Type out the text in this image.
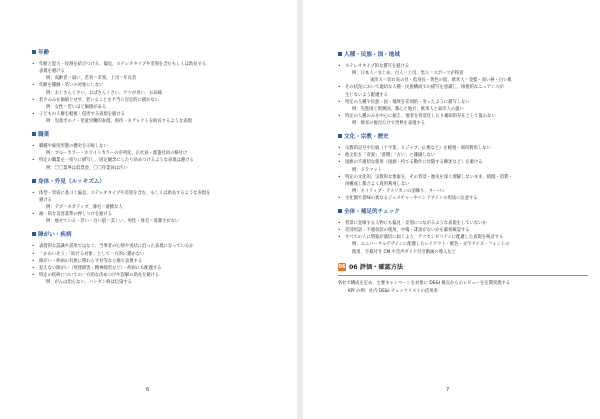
年齢
• 年齢と能力・役割を結びつける、偏見、ステレオタイプや差別を含むもしくは助長する
表現を避ける
例：高齢者＝弱い、若者＝未熟、上司＝年長者
• 年齢を揶揄・笑いの対象にしない
例：おじさんくさい、おばさんくさい、ケツが青い、お局様
• 若さのみを価値とせず、老いることを不当に否定的に描かない
例：女性＝若いほど価値がある
• 子どもの人権を軽視・侵害する表現を避ける
例：児童ポルノ・児童労働的表現、虐待・ネグレクトを助長するような表現
職業
• 職種や雇用形態の優劣を示唆しない
例：ブルーカラー・ホワイトカラーの序列化、正社員・派遣社員の格付け
• 特定の職業を一括りに描写し、固定観念にしたり決めつけるような表現は避ける
例：〇〇業界は低賃金、〇〇作業員は汚い
身体・外見（ルッキズム）
• 体型・容姿に基づく偏見、ステレオタイプや差別を含む、もしくは助長するような表現を
避ける
例：デブ＝ネガティブ、薄毛＝滑稽な人
• 画一的な美容基準の押しつけを避ける
例：痩せている・若い・白い肌＝美しい、男性・体毛＝清潔さがない
障がい・疾病
• 表層的な認識や誤用ではなく、当事者の心情や実状に沿った表現になっているか
• 「かわいそう」「助ける対象」として一方的に描かない
• 障がい・疾病の有無に関わらず対等な立場で表現する
• 見えない障がい（発達障害・精神障害など）・疾病にも配慮する
• 特定の疾病についての一方的な決めつけや誤解の助長を避ける
例：がんは治らない、ハンセン病は伝染する
6
人種・民族・国・地域
• ステレオタイプ的な描写を避ける
例：日本人＝まじめ、白人＝上司、黒人＝スポーツが得意
東洋人＝切れ長の目・低身長・黄色の肌、欧米人＝金髪・高い鼻・白い肌
• その状況において適切な人種・民族構成での描写を意識し、排他的なニュアンスが
生じないよう配慮する
• 特定の人種や民族・国・地域を差別的・劣ったように描写しない
例：先進国と新興国、都心と地方、欧米人と東洋人の扱い
• 特定の人種のみを中心に据え、他者を背景化したり補助的存在として扱わない
例：欧米の視点だけで世界を表現する
文化・宗教・歴史
• 宗教的記号や伝統（十字架、ヒジャブ、仏像など）を軽視・商用利用しない
• 他文化を「奇異」「滑稽」「古い」と揶揄しない
• 国旗の不適切な使用（国旗・持てる動作に付随する陳述など）を避ける
例：ドラマット
• 特定の文化的、宗教的な要素を、その背景・歴史を深く理解しないまま、模倣・消費・
再構成し都合よく商用利用しない
例：ネイティブ・アメリカンの羽飾り、ターバン
• 文化圏で意味の異なるジェスチャーやハンドサインの用法に注意する
全体・補足的チェック
• 背景に登場する人物にも偏見・差別につながるような表現をしていないか
• 差別用語・不適切語の使用、中傷・誹謗がないかを厳密確認する
• すべての人に情報が適切に届くよう、アクセシビリティに配慮した表現を検討する
例：ユニバーサルデザインに配慮したレイアウト・配色・文字サイズ・フォントの
使用、字幕付き CM や音声ガイド付き動画の導入など
06 06 評価・確認方法
各社で構成を定め、主要キャンペーンを対象に DE&I 視点からのレビューを定期実施する
KPI の例：社内 DE&I チェックリストの活用率
7
